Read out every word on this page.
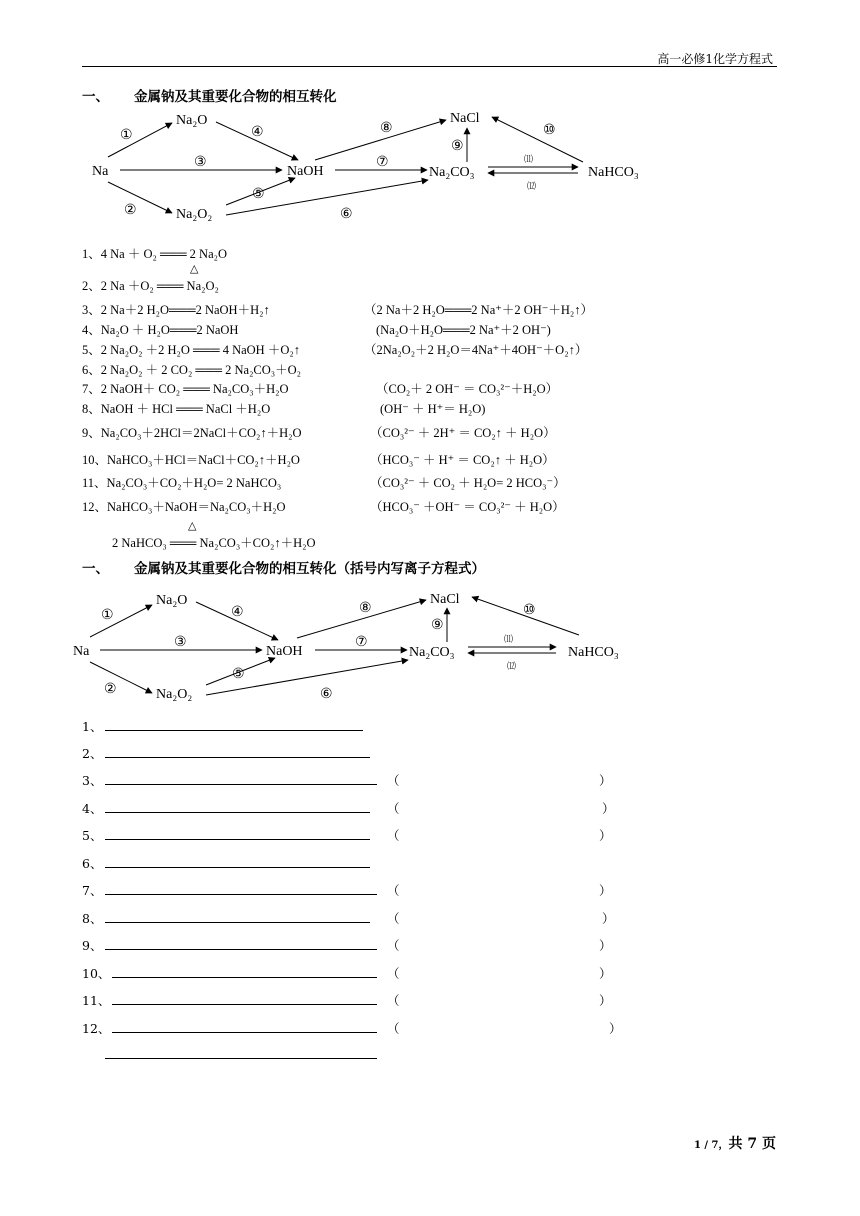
高一必修1化学方程式
一、 金属钠及其重要化合物的相互转化
Na
Na₂O
Na₂O₂
NaOH	Na₂CO₃
NaCl
NaHCO₃
①
②
③
④
⑤
⑥
⑦
⑧
⑨
⑩
⑾
⑿
1、4 Na ＋ O₂ ═══ 2 Na₂O
△
2、2 Na ＋O₂ ═══ Na₂O₂
3、2 Na＋2 H₂O═══2 NaOH＋H₂↑	（2 Na＋2 H₂O═══2 Na⁺＋2 OH⁻＋H₂↑）
4、Na₂O ＋ H₂O═══2 NaOH	(Na₂O＋H₂O═══2 Na⁺＋2 OH⁻)
5、2 Na₂O₂ ＋2 H₂O ═══ 4 NaOH ＋O₂↑	（2Na₂O₂＋2 H₂O＝4Na⁺＋4OH⁻＋O₂↑）
6、2 Na₂O₂ ＋ 2 CO₂ ═══ 2 Na₂CO₃＋O₂
7、2 NaOH＋ CO₂ ═══ Na₂CO₃＋H₂O	（CO₂＋ 2 OH⁻ ＝ CO₃²⁻＋H₂O）
8、NaOH ＋ HCl ═══ NaCl ＋H₂O	(OH⁻ ＋ H⁺＝ H₂O)
9、Na₂CO₃＋2HCl＝2NaCl＋CO₂↑＋H₂O	（CO₃²⁻ ＋ 2H⁺ ＝ CO₂↑ ＋ H₂O）
10、NaHCO₃＋HCl＝NaCl＋CO₂↑＋H₂O	（HCO₃⁻ ＋ H⁺ ＝ CO₂↑ ＋ H₂O）
11、Na₂CO₃＋CO₂＋H₂O= 2 NaHCO₃	（CO₃²⁻ ＋ CO₂ ＋ H₂O= 2 HCO₃⁻）
12、NaHCO₃＋NaOH＝Na₂CO₃＋H₂O	（HCO₃⁻ ＋OH⁻ ＝ CO₃²⁻ ＋ H₂O）
△
2 NaHCO₃ ═══ Na₂CO₃＋CO₂↑＋H₂O
一、 金属钠及其重要化合物的相互转化（括号内写离子方程式）
Na
Na₂O
Na₂O₂
NaOH	Na₂CO₃
NaCl
NaHCO₃
①
②
③
④
⑤
⑥
⑦
⑧
⑨
⑩
⑾
⑿
1、
2、
3、	（	）
4、	（	）
5、	（	）
6、
7、	（	）
8、	（	）
9、	（	）
10、	（	）
11、	（	）
12、	（	）
1 / 7，共 7 页
